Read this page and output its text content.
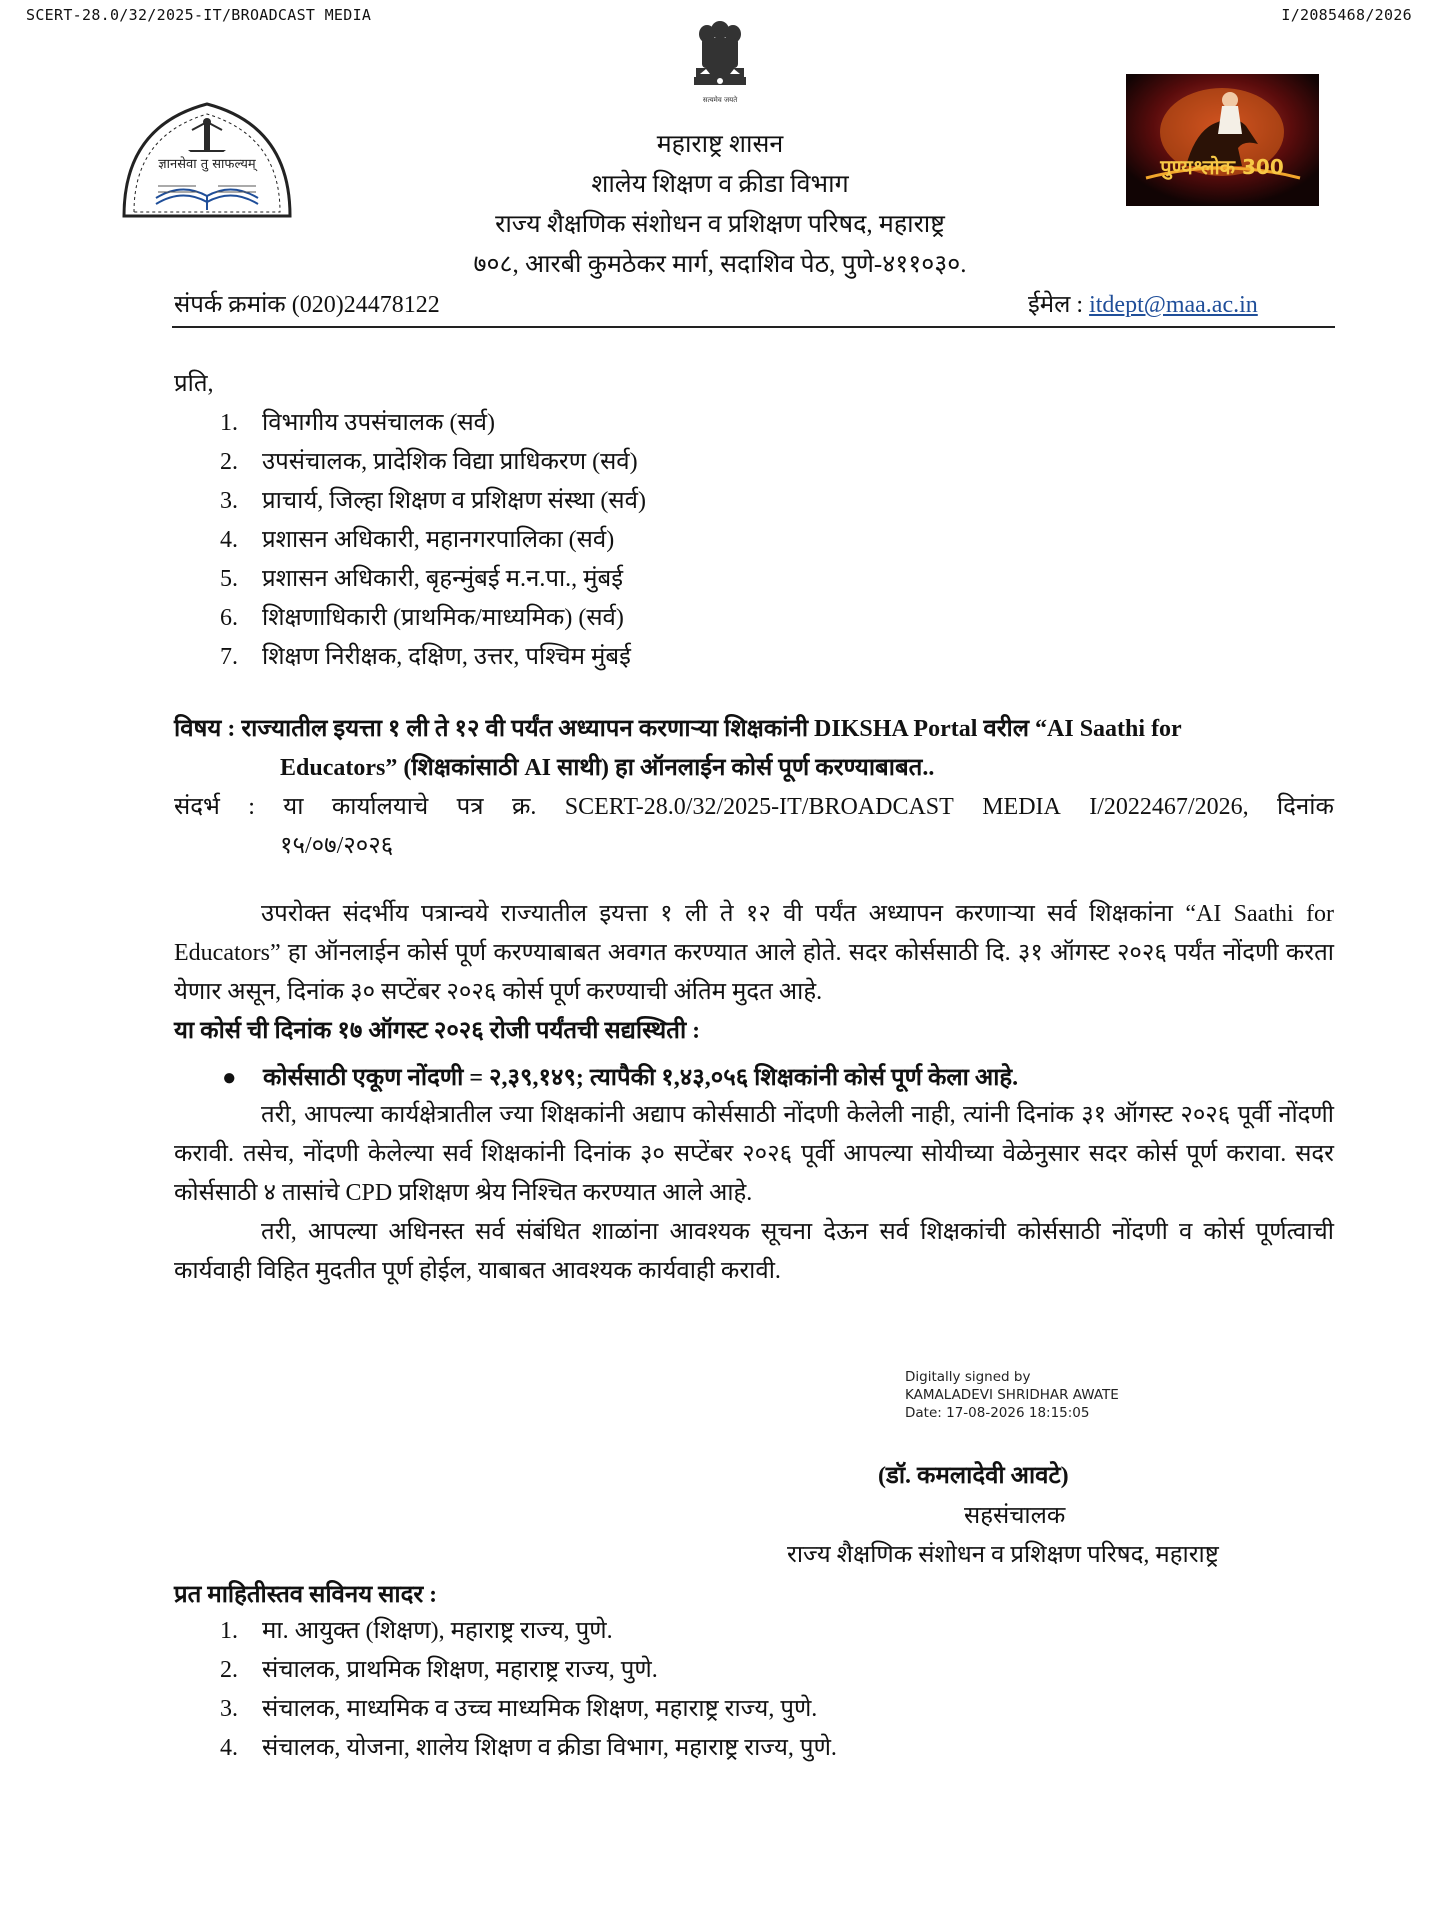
SCERT-28.0/32/2025-IT/BROADCAST MEDIA	I/2085468/2026
सत्यमेव जयते
ज्ञानसेवा तु साफल्यम्	पुण्यश्लोक 300
महाराष्ट्र शासन
शालेय शिक्षण व क्रीडा विभाग
राज्य शैक्षणिक संशोधन व प्रशिक्षण परिषद, महाराष्ट्र
७०८, आरबी कुमठेकर मार्ग, सदाशिव पेठ, पुणे-४११०३०.
संपर्क क्रमांक (020)24478122	ईमेल : itdept@maa.ac.in
प्रति,
1.	विभागीय उपसंचालक (सर्व)
2.	उपसंचालक, प्रादेशिक विद्या प्राधिकरण (सर्व)
3.	प्राचार्य, जिल्हा शिक्षण व प्रशिक्षण संस्था (सर्व)
4.	प्रशासन अधिकारी, महानगरपालिका (सर्व)
5.	प्रशासन अधिकारी, बृहन्मुंबई म.न.पा., मुंबई
6.	शिक्षणाधिकारी (प्राथमिक/माध्यमिक) (सर्व)
7.	शिक्षण निरीक्षक, दक्षिण, उत्तर, पश्चिम मुंबई
विषय : राज्यातील इयत्ता १ ली ते १२ वी पर्यंत अध्यापन करणाऱ्या शिक्षकांनी DIKSHA Portal वरील “AI Saathi for
Educators” (शिक्षकांसाठी AI साथी) हा ऑनलाईन कोर्स पूर्ण करण्याबाबत..
संदर्भ : या कार्यालयाचे पत्र क्र. SCERT-28.0/32/2025-IT/BROADCAST MEDIA I/2022467/2026, दिनांक
१५/०७/२०२६
उपरोक्त संदर्भीय पत्रान्वये राज्यातील इयत्ता १ ली ते १२ वी पर्यंत अध्यापन करणाऱ्या सर्व शिक्षकांना “AI Saathi for Educators” हा ऑनलाईन कोर्स पूर्ण करण्याबाबत अवगत करण्यात आले होते. सदर कोर्ससाठी दि. ३१ ऑगस्ट २०२६ पर्यंत नोंदणी करता येणार असून, दिनांक ३० सप्टेंबर २०२६ कोर्स पूर्ण करण्याची अंतिम मुदत आहे.
या कोर्स ची दिनांक १७ ऑगस्ट २०२६ रोजी पर्यंतची सद्यस्थिती :
● कोर्ससाठी एकूण नोंदणी = २,३९,१४९; त्यापैकी १,४३,०५६ शिक्षकांनी कोर्स पूर्ण केला आहे.
तरी, आपल्या कार्यक्षेत्रातील ज्या शिक्षकांनी अद्याप कोर्ससाठी नोंदणी केलेली नाही, त्यांनी दिनांक ३१ ऑगस्ट २०२६ पूर्वी नोंदणी करावी. तसेच, नोंदणी केलेल्या सर्व शिक्षकांनी दिनांक ३० सप्टेंबर २०२६ पूर्वी आपल्या सोयीच्या वेळेनुसार सदर कोर्स पूर्ण करावा. सदर कोर्ससाठी ४ तासांचे CPD प्रशिक्षण श्रेय निश्चित करण्यात आले आहे.
तरी, आपल्या अधिनस्त सर्व संबंधित शाळांना आवश्यक सूचना देऊन सर्व शिक्षकांची कोर्ससाठी नोंदणी व कोर्स पूर्णत्वाची कार्यवाही विहित मुदतीत पूर्ण होईल, याबाबत आवश्यक कार्यवाही करावी.
Digitally signed by
KAMALADEVI SHRIDHAR AWATE
Date: 17-08-2026 18:15:05
(डॉ. कमलादेवी आवटे)
सहसंचालक
राज्य शैक्षणिक संशोधन व प्रशिक्षण परिषद, महाराष्ट्र
प्रत माहितीस्तव सविनय सादर :
1.	मा. आयुक्त (शिक्षण), महाराष्ट्र राज्य, पुणे.
2.	संचालक, प्राथमिक शिक्षण, महाराष्ट्र राज्य, पुणे.
3.	संचालक, माध्यमिक व उच्च माध्यमिक शिक्षण, महाराष्ट्र राज्य, पुणे.
4.	संचालक, योजना, शालेय शिक्षण व क्रीडा विभाग, महाराष्ट्र राज्य, पुणे.
